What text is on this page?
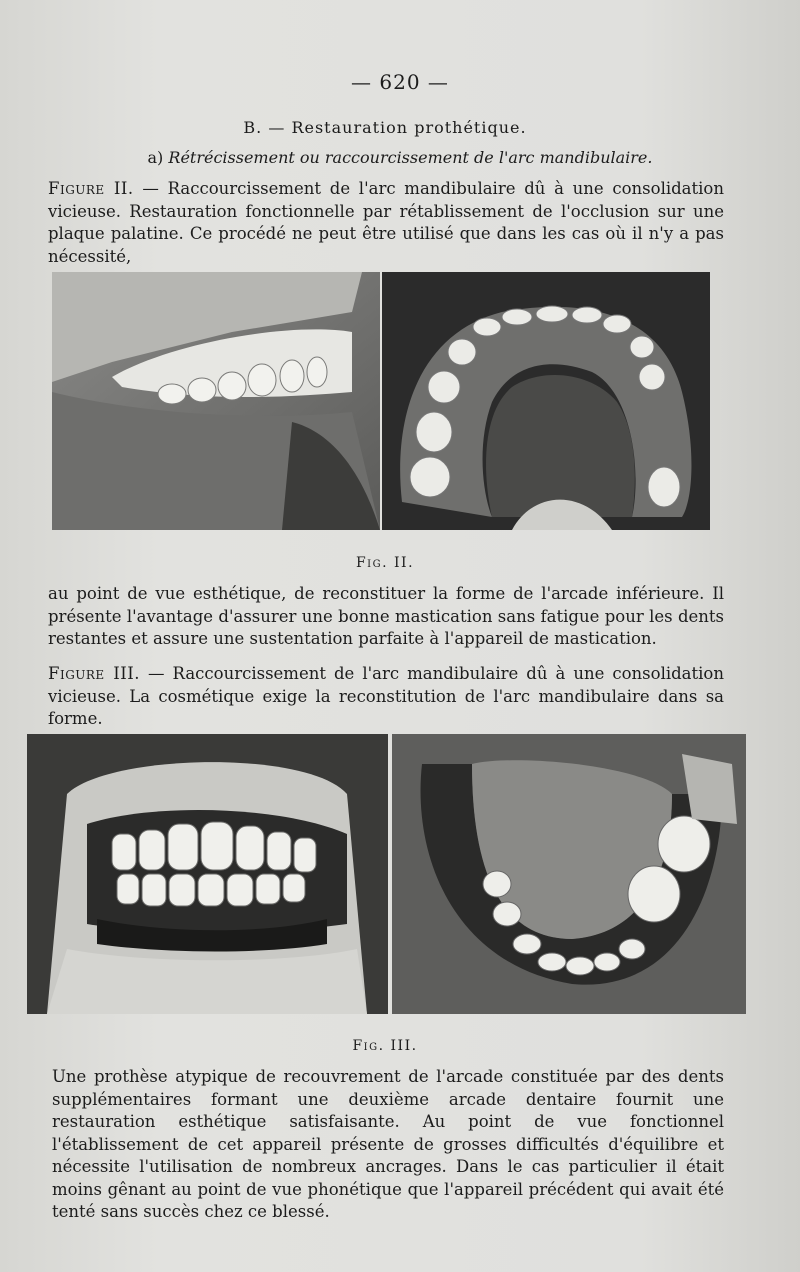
— 620 —
B. — Restauration prothétique.
a) Rétrécissement ou raccourcissement de l'arc mandibulaire.

Figure II. — Raccourcissement de l'arc mandibulaire dû à une consolidation vicieuse. Restauration fonctionnelle par rétablissement de l'occlusion sur une plaque palatine. Ce procédé ne peut être utilisé que dans les cas où il n'y a pas nécessité,

Fig. II.

au point de vue esthétique, de reconstituer la forme de l'arcade inférieure. Il présente l'avantage d'assurer une bonne mastication sans fatigue pour les dents restantes et assure une sustentation parfaite à l'appareil de mastication.

Figure III. — Raccourcissement de l'arc mandibulaire dû à une consolidation vicieuse. La cosmétique exige la reconstitution de l'arc mandibulaire dans sa forme.

Fig. III.

Une prothèse atypique de recouvrement de l'arcade constituée par des dents supplémentaires formant une deuxième arcade dentaire fournit une restauration esthétique satisfaisante. Au point de vue fonctionnel l'établissement de cet appareil présente de grosses difficultés d'équilibre et nécessite l'utilisation de nombreux ancrages. Dans le cas particulier il était moins gênant au point de vue phonétique que l'appareil précédent qui avait été tenté sans succès chez ce blessé.
